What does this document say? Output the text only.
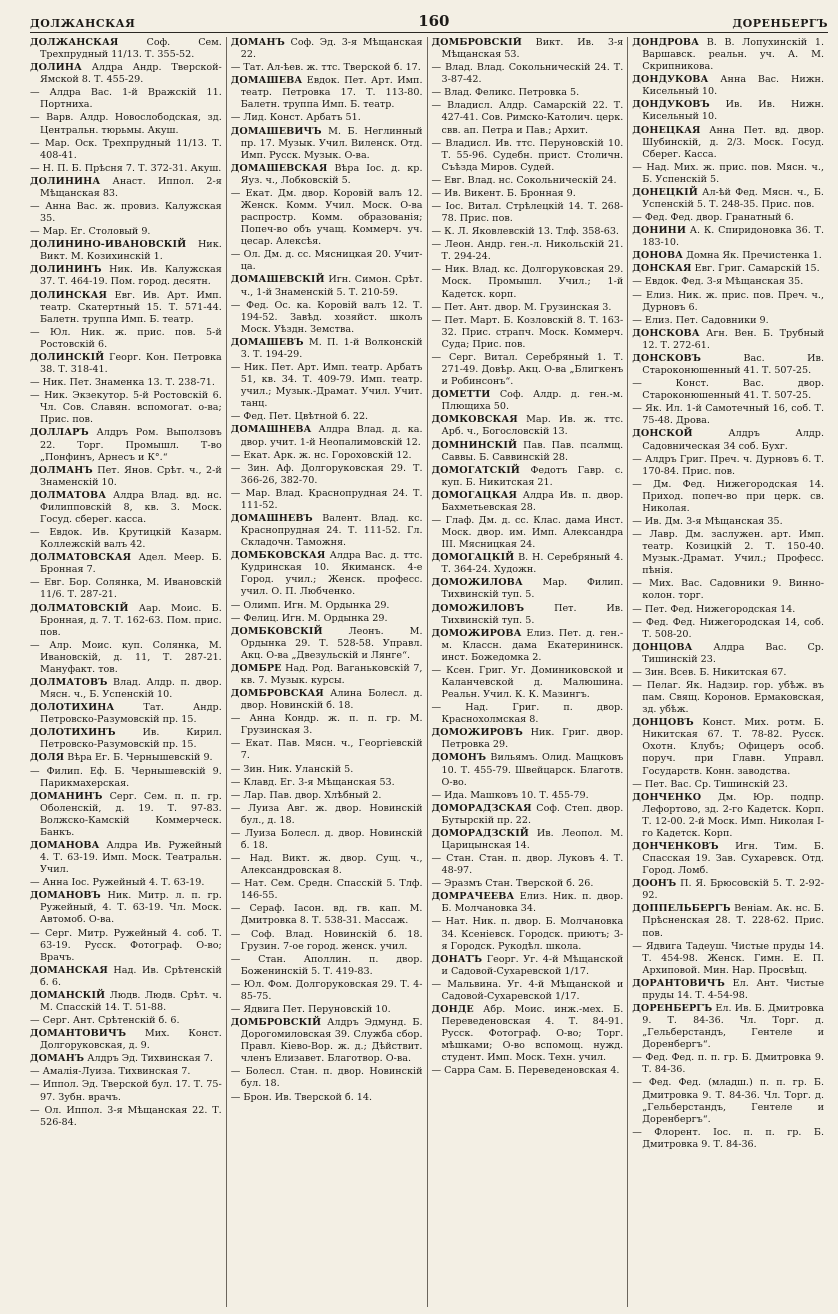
ДОЛЖАНСКАЯ	160	ДОРЕНБЕРГЪ
ДОЛЖАНСКАЯ Соф. Сем. Трехпрудный 11/13. Т. 355-52.
ДОЛИНА Алдра Андр. Тверской-Ямской 8. Т. 455-29.
— Алдра Вас. 1-й Вражскій 11. Портниха.
— Варв. Алдр. Новослободская, зд. Центральн. тюрьмы. Акуш.
— Мар. Оск. Трехпрудный 11/13. Т. 408-41.
— Н. П. Б. Прѣсня 7. Т. 372-31. Акуш.
ДОЛИНИНА Анаст. Иппол. 2-я Мѣщанская 83.
— Анна Вас. ж. провиз. Калужская 35.
— Мар. Ег. Столовый 9.
ДОЛИНИНО-ИВАНОВСКІЙ Ник. Викт. М. Козихинскій 1.
ДОЛИНИНЪ Ник. Ив. Калужская 37. Т. 464-19. Пом. город. десятн.
ДОЛИНСКАЯ Евг. Ив. Арт. Имп. театр. Скатертный 15. Т. 571-44. Балетн. труппа Имп. Б. театр.
— Юл. Ник. ж. прис. пов. 5-й Ростовскій 6.
ДОЛИНСКІЙ Георг. Кон. Петровка 38. Т. 318-41.
— Ник. Пет. Знаменка 13. Т. 238-71.
— Ник. Экзекутор. 5-й Ростовскій 6. Чл. Сов. Славян. вспомогат. о-ва; Прис. пов.
ДОЛЛАРЪ Алдръ Ром. Выползовъ 22. Торг. Промышл. Т-во „Понфинъ, Арнесъ и К°.“
ДОЛМАНЪ Пет. Янов. Срѣт. ч., 2-й Знаменскій 10.
ДОЛМАТОВА Алдра Влад. вд. нс. Филипповскій 8, кв. 3. Моск. Госуд. сберег. касса.
— Евдок. Ив. Крутицкій Казарм. Коллежскій валъ 42.
ДОЛМАТОВСКАЯ Адел. Меер. Б. Бронная 7.
— Евг. Бор. Солянка, М. Ивановскій 11/6. Т. 287-21.
ДОЛМАТОВСКІЙ Аар. Моис. Б. Бронная, д. 7. Т. 162-63. Пом. прис. пов.
— Алр. Моис. куп. Солянка, М. Ивановскій, д. 11, Т. 287-21. Мануфакт. тов.
ДОЛМАТОВЪ Влад. Алдр. п. двор. Мясн. ч., Б. Успенскій 10.
ДОЛОТИХИНА Тат. Андр. Петровско-Разумовскій пр. 15.
ДОЛОТИХИНЪ Ив. Кирил. Петровско-Разумовскій пр. 15.
ДОЛЯ Вѣра Ег. Б. Чернышевскій 9.
— Филип. Еф. Б. Чернышевскій 9. Парикмахерская.
ДОМАНИНЪ Серг. Сем. п. п. гр. Оболенскій, д. 19. Т. 97-83. Волжско-Камскій Коммерческ. Банкъ.
ДОМАНОВА Алдра Ив. Ружейный 4. Т. 63-19. Имп. Моск. Театральн. Учил.
— Анна Іос. Ружейный 4. Т. 63-19.
ДОМАНОВЪ Ник. Митр. л. п. гр. Ружейный, 4. Т. 63-19. Чл. Моск. Автомоб. О-ва.
— Серг. Митр. Ружейный 4. соб. Т. 63-19. Русск. Фотограф. О-во; Врачъ.
ДОМАНСКАЯ Над. Ив. Срѣтенскій б. 6.
ДОМАНСКІЙ Людв. Людв. Срѣт. ч. М. Спасскій 14. Т. 51-88.
— Серг. Ант. Срѣтенскій б. 6.
ДОМАНТОВИЧЪ Мих. Конст. Долгоруковская, д. 9.
ДОМАНЪ Алдръ Эд. Тихвинская 7.
— Амалія-Луиза. Тихвинская 7.
— Иппол. Эд. Тверской бул. 17. Т. 75-97. Зубн. врачъ.
— Ол. Иппол. 3-я Мѣщанская 22. Т. 526-84.
ДОМАНЪ Соф. Эд. 3-я Мѣщанская 22.
— Тат. Ал-ѣев. ж. ттс. Тверской б. 17.
ДОМАШЕВА Евдок. Пет. Арт. Имп. театр. Петровка 17. Т. 113-80. Балетн. труппа Имп. Б. театр.
— Лид. Конст. Арбатъ 51.
ДОМАШЕВИЧЪ М. Б. Неглинный пр. 17. Музык. Учил. Виленск. Отд. Имп. Русск. Музык. О-ва.
ДОМАШЕВСКАЯ Вѣра Іос. д. кр. Яуз. ч., Лобковскій 5.
— Екат. Дм. двор. Коровій валъ 12. Женск. Комм. Учил. Моск. О-ва распростр. Комм. образованія; Попеч-во объ учащ. Коммерч. уч. цесар. Алексѣя.
— Ол. Дм. д. сс. Мясницкая 20. Учит-ца.
ДОМАШЕВСКІЙ Игн. Симон. Срѣт. ч., 1-й Знаменскій 5. Т. 210-59.
— Фед. Ос. ка. Коровій валъ 12. Т. 194-52. Завѣд. хозяйст. школъ Моск. Уѣздн. Земства.
ДОМАШЕВЪ М. П. 1-й Волконскій 3. Т. 194-29.
— Ник. Пет. Арт. Имп. театр. Арбатъ 51, кв. 34. Т. 409-79. Имп. театр. учил.; Музык.-Драмат. Учил. Учит. танц.
— Фед. Пет. Цвѣтной б. 22.
ДОМАШНЕВА Алдра Влад. д. ка. двор. учит. 1-й Неопалимовскій 12.
— Екат. Арк. ж. нс. Гороховскій 12.
— Зин. Аф. Долгоруковская 29. Т. 366-26, 382-70.
— Мар. Влад. Краснопрудная 24. Т. 111-52.
ДОМАШНЕВЪ Валент. Влад. кс. Краснопрудная 24. Т. 111-52. Гл. Складочн. Таможня.
ДОМБКОВСКАЯ Алдра Вас. д. ттс. Кудринская 10. Якиманск. 4-е Город. учил.; Женск. професс. учил. О. П. Любченко.
— Олимп. Игн. М. Ордынка 29.
— Фелиц. Игн. М. Ордынка 29.
ДОМБКОВСКІЙ Леонъ. М. Ордынка 29. Т. 528-58. Управл. Акц. О-ва „Двезульскій и Лянге“.
ДОМБРЕ Над. Род. Ваганьковскій 7, кв. 7. Музык. курсы.
ДОМБРОВСКАЯ Алина Болесл. д. двор. Новинскій б. 18.
— Анна Кондр. ж. п. п. гр. М. Грузинская 3.
— Екат. Пав. Мясн. ч., Георгіевскій 7.
— Зин. Ник. Уланскій 5.
— Клавд. Ег. 3-я Мѣщанская 53.
— Лар. Пав. двор. Хлѣбный 2.
— Луиза Авг. ж. двор. Новинскій бул., д. 18.
— Луиза Болесл. д. двор. Новинскій б. 18.
— Над. Викт. ж. двор. Сущ. ч., Александровская 8.
— Нат. Сем. Средн. Спасскій 5. Тлф. 146-55.
— Сераф. Іасон. вд. гв. кап. М. Дмитровка 8. Т. 538-31. Массаж.
— Соф. Влад. Новинскій б. 18. Грузин. 7-ое город. женск. учил.
— Стан. Аполлин. п. двор. Боженинскій 5. Т. 419-83.
— Юл. Фом. Долгоруковская 29. Т. 4-85-75.
— Ядвига Пет. Перуновскій 10.
ДОМБРОВСКІЙ Алдръ Эдмунд. Б. Дорогомиловская 39. Служба сбор. Правл. Кіево-Вор. ж. д.; Дѣйствит. членъ Елизавет. Благотвор. О-ва.
— Болесл. Стан. п. двор. Новинскій бул. 18.
— Брон. Ив. Тверской б. 14.
ДОМБРОВСКІЙ Викт. Ив. 3-я Мѣщанская 53.
— Влад. Влад. Сокольническій 24. Т. 3-87-42.
— Влад. Феликс. Петровка 5.
— Владисл. Алдр. Самарскій 22. Т. 427-41. Сов. Римско-Католич. церк. свв. ап. Петра и Пав.; Архит.
— Владисл. Ив. ттс. Перуновскій 10. Т. 55-96. Судебн. прист. Столичн. Съѣзда Миров. Судей.
— Евг. Влад. нс. Сокольническій 24.
— Ив. Викент. Б. Бронная 9.
— Іос. Витал. Стрѣлецкій 14. Т. 268-78. Прис. пов.
— К. Л. Яковлевскій 13. Тлф. 358-63.
— Леон. Андр. ген.-л. Никольскій 21. Т. 294-24.
— Ник. Влад. кс. Долгоруковская 29. Моск. Промышл. Учил.; 1-й Кадетск. корп.
— Пет. Ант. двор. М. Грузинская 3.
— Пет. Март. Б. Козловскій 8. Т. 163-32. Прис. страпч. Моск. Коммерч. Суда; Прис. пов.
— Серг. Витал. Серебряный 1. Т. 271-49. Довѣр. Акц. О-ва „Блигкенъ и Робинсонъ“.
ДОМЕТТИ Соф. Алдр. д. ген.-м. Плющиха 50.
ДОМКОВСКАЯ Мар. Ив. ж. ттс. Арб. ч., Богословскій 13.
ДОМНИНСКІЙ Пав. Пав. псалмщ. Саввы. Б. Саввинскій 28.
ДОМОГАТСКІЙ Федотъ Гавр. с. куп. Б. Никитская 21.
ДОМОГАЦКАЯ Алдра Ив. п. двор. Бахметьевская 28.
— Глаф. Дм. д. сс. Клас. дама Инст. Моск. двор. им. Имп. Александра III. Мясницкая 24.
ДОМОГАЦКІЙ В. Н. Серебряный 4. Т. 364-24. Художн.
ДОМОЖИЛОВА Мар. Филип. Тихвинскій туп. 5.
ДОМОЖИЛОВЪ Пет. Ив. Тихвинскій туп. 5.
ДОМОЖИРОВА Елиз. Пет. д. ген.-м. Классн. дама Екатерининск. инст. Божедомка 2.
— Ксен. Григ. Уг. Доминиковской и Каланчевской д. Малюшина. Реальн. Учил. К. К. Мазингъ.
— Над. Григ. п. двор. Краснохолмская 8.
ДОМОЖИРОВЪ Ник. Григ. двор. Петровка 29.
ДОМОНЪ Вильямъ. Олид. Мащковъ 10. Т. 455-79. Швейцарск. Благотв. О-во.
— Ида. Машковъ 10. Т. 455-79.
ДОМОРАДЗСКАЯ Соф. Степ. двор. Бутырскій пр. 22.
ДОМОРАДЗСКІЙ Ив. Леопол. М. Царицынская 14.
— Стан. Стан. п. двор. Луковъ 4. Т. 48-97.
— Эразмъ Стан. Тверской б. 26.
ДОМРАЧЕЕВА Елиз. Ник. п. двор. Б. Молчановка 34.
— Нат. Ник. п. двор. Б. Молчановка 34. Ксеніевск. Городск. приютъ; 3-я Городск. Рукодѣл. школа.
ДОНАТЪ Георг. Уг. 4-й Мѣщанской и Садовой-Сухаревской 1/17.
— Мальвина. Уг. 4-й Мѣщанской и Садовой-Сухаревской 1/17.
ДОНДЕ Абр. Моис. инж.-мех. Б. Переведеновская 4. Т. 84-91. Русск. Фотограф. О-во; Торг. мѣшками; О-во вспомощ. нужд. студент. Имп. Моск. Техн. учил.
— Сарра Сам. Б. Переведеновская 4.
ДОНДРОВА В. В. Лопухинскій 1. Варшавск. реальн. уч. А. М. Скрипникова.
ДОНДУКОВА Анна Вас. Нижн. Кисельный 10.
ДОНДУКОВЪ Ив. Ив. Нижн. Кисельный 10.
ДОНЕЦКАЯ Анна Пет. вд. двор. Шубинскій, д. 2/3. Моск. Госуд. Сберег. Касса.
— Над. Мих. ж. прис. пов. Мясн. ч., Б. Успенскій 5.
ДОНЕЦКІЙ Ал-ѣй Фед. Мясн. ч., Б. Успенскій 5. Т. 248-35. Прис. пов.
— Фед. Фед. двор. Гранатный 6.
ДОНИНИ А. К. Спиридоновка 36. Т. 183-10.
ДОНОВА Домна Як. Пречистенка 1.
ДОНСКАЯ Евг. Григ. Самарскій 15.
— Евдок. Фед. 3-я Мѣщанская 35.
— Елиз. Ник. ж. прис. пов. Преч. ч., Дурновъ 6.
— Елиз. Пет. Садовники 9.
ДОНСКОВА Агн. Вен. Б. Трубный 12. Т. 272-61.
ДОНСКОВЪ Вас. Ив. Староконюшенный 41. Т. 507-25.
— Конст. Вас. двор. Староконюшенный 41. Т. 507-25.
— Як. Ил. 1-й Самотечный 16, соб. Т. 75-48. Дрова.
ДОНСКОЙ Алдръ Алдр. Садовническая 34 соб. Бухг.
— Алдръ Григ. Преч. ч. Дурновъ 6. Т. 170-84. Прис. пов.
— Дм. Фед. Нижегородская 14. Приход. попеч-во при церк. св. Николая.
— Ив. Дм. 3-я Мѣщанская 35.
— Лавр. Дм. заслужен. арт. Имп. театр. Козицкій 2. Т. 150-40. Музык.-Драмат. Учил.; Професс. пѣнія.
— Мих. Вас. Садовники 9. Винно-колон. торг.
— Пет. Фед. Нижегородская 14.
— Фед. Фед. Нижегородская 14, соб. Т. 508-20.
ДОНЦОВА Алдра Вас. Ср. Тишинскій 23.
— Зин. Всев. Б. Никитская 67.
— Пелаг. Як. Надзир. гор. убѣж. въ пам. Свящ. Коронов. Ермаковская, зд. убѣж.
ДОНЦОВЪ Конст. Мих. ротм. Б. Никитская 67. Т. 78-82. Русск. Охотн. Клубъ; Офицеръ особ. поруч. при Главн. Управл. Государств. Конн. заводства.
— Пет. Вас. Ср. Тишинскій 23.
ДОНЧЕНКО Дм. Юр. подпр. Лефортово, зд. 2-го Кадетск. Корп. Т. 12-00. 2-й Моск. Имп. Николая I-го Кадетск. Корп.
ДОНЧЕНКОВЪ Игн. Тим. Б. Спасская 19. Зав. Сухаревск. Отд. Город. Ломб.
ДООНЪ П. Я. Брюсовскій 5. Т. 2-92-92.
ДОППЕЛЬБЕРГЪ Веніам. Ак. нс. Б. Прѣсненская 28. Т. 228-62. Прис. пов.
— Ядвига Тадеуш. Чистые пруды 14. Т. 454-98. Женск. Гимн. Е. П. Архиповой. Мин. Нар. Просвѣщ.
ДОРАНТОВИЧЪ Ел. Ант. Чистые пруды 14. Т. 4-54-98.
ДОРЕНБЕРГЪ Ел. Ив. Б. Дмитровка 9. Т. 84-36. Чл. Торг. д. „Гельберстандъ, Гентеле и Доренбергъ“.
— Фед. Фед. п. п. гр. Б. Дмитровка 9. Т. 84-36.
— Фед. Фед. (младш.) п. п. гр. Б. Дмитровка 9. Т. 84-36. Чл. Торг. д. „Гельберстандъ, Гентеле и Доренбергъ“.
— Флорент. Іос. п. п. гр. Б. Дмитровка 9. Т. 84-36.
